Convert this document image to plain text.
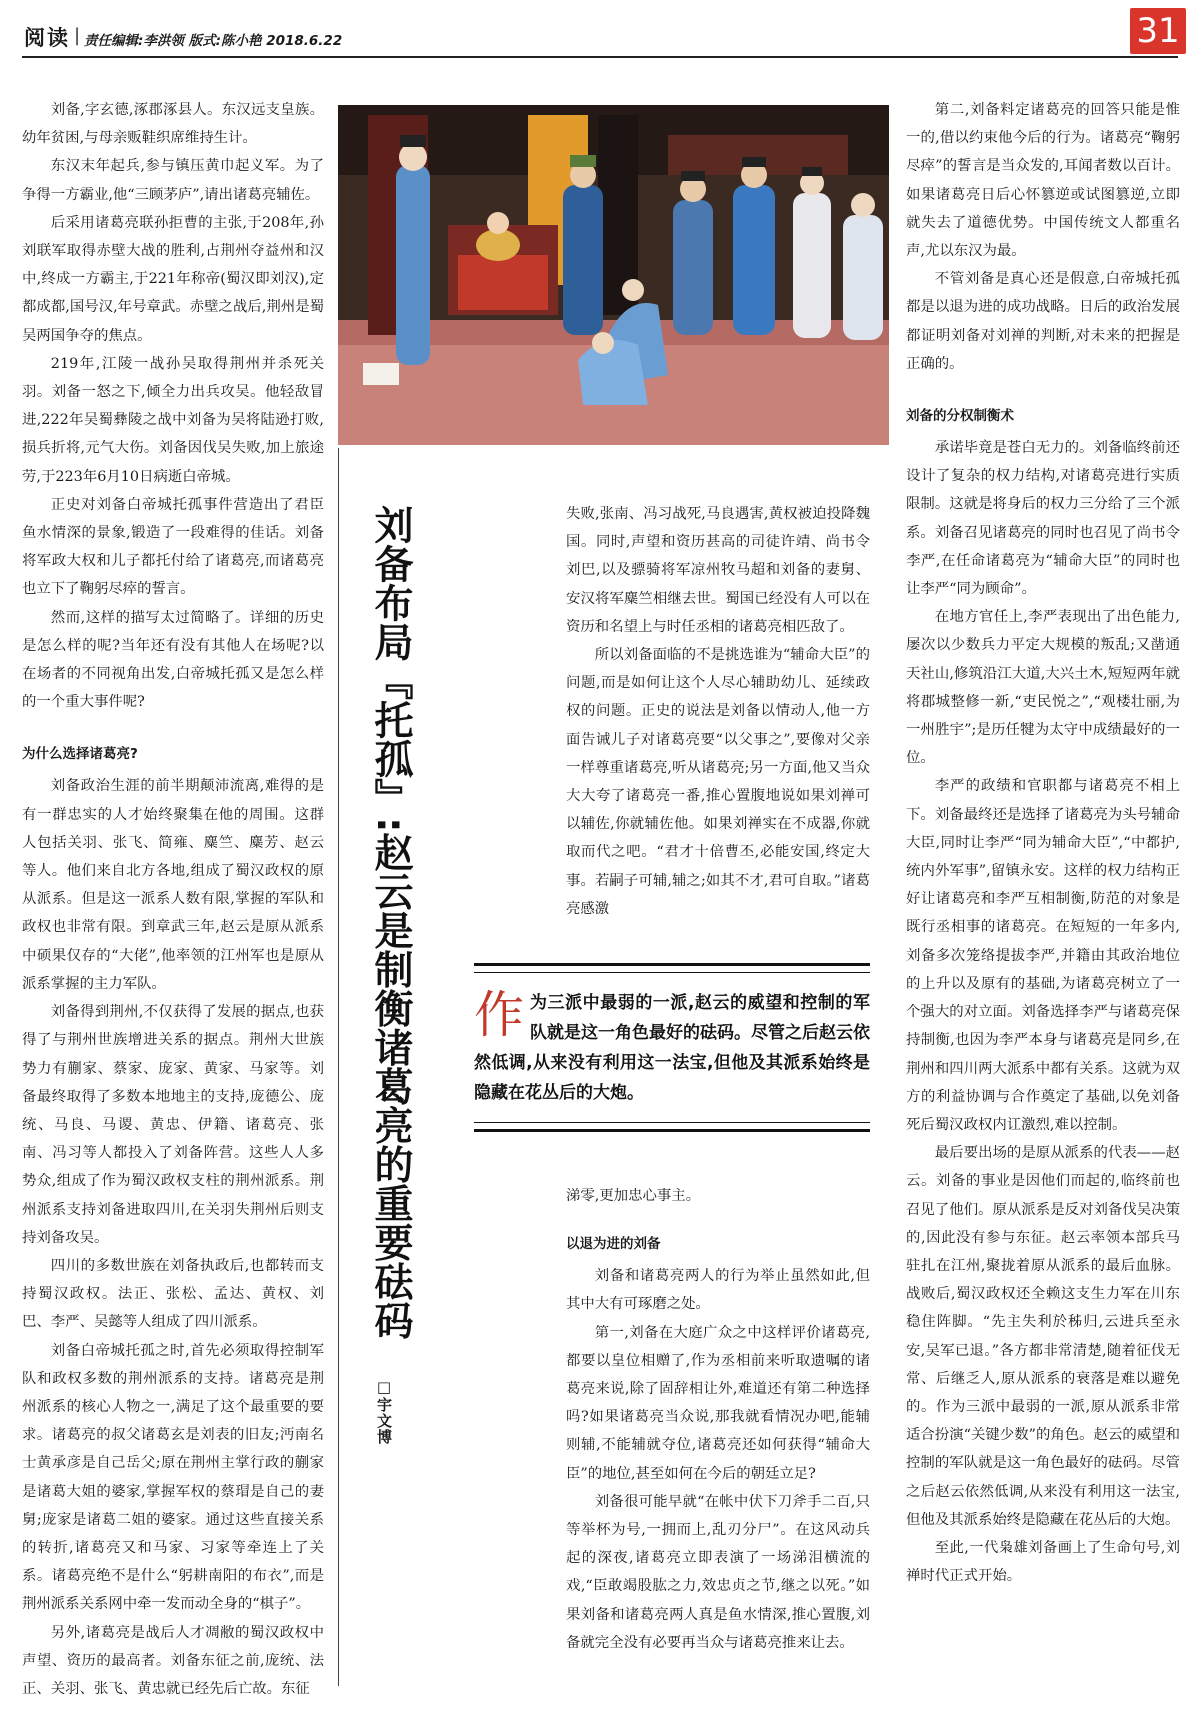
阅读 | 责任编辑:李洪领 版式:陈小艳 2018.6.22	31

刘备,字玄德,涿郡涿县人。东汉远支皇族。幼年贫困,与母亲贩鞋织席维持生计。

东汉末年起兵,参与镇压黄巾起义军。为了争得一方霸业,他“三顾茅庐”,请出诸葛亮辅佐。

后采用诸葛亮联孙拒曹的主张,于208年,孙刘联军取得赤壁大战的胜利,占荆州夺益州和汉中,终成一方霸主,于221年称帝(蜀汉即刘汉),定都成都,国号汉,年号章武。赤壁之战后,荆州是蜀吴两国争夺的焦点。

219年,江陵一战孙吴取得荆州并杀死关羽。刘备一怒之下,倾全力出兵攻吴。他轻敌冒进,222年吴蜀彝陵之战中刘备为吴将陆逊打败,损兵折将,元气大伤。刘备因伐吴失败,加上旅途劳,于223年6月10日病逝白帝城。

正史对刘备白帝城托孤事件营造出了君臣鱼水情深的景象,锻造了一段难得的佳话。刘备将军政大权和儿子都托付给了诸葛亮,而诸葛亮也立下了鞠躬尽瘁的誓言。

然而,这样的描写太过简略了。详细的历史是怎么样的呢?当年还有没有其他人在场呢?以在场者的不同视角出发,白帝城托孤又是怎么样的一个重大事件呢?

为什么选择诸葛亮?

刘备政治生涯的前半期颠沛流离,难得的是有一群忠实的人才始终聚集在他的周围。这群人包括关羽、张飞、简雍、麋竺、麋芳、赵云等人。他们来自北方各地,组成了蜀汉政权的原从派系。但是这一派系人数有限,掌握的军队和政权也非常有限。到章武三年,赵云是原从派系中硕果仅存的“大佬”,他率领的江州军也是原从派系掌握的主力军队。

刘备得到荆州,不仅获得了发展的据点,也获得了与荆州世族增进关系的据点。荆州大世族势力有蒯家、蔡家、庞家、黄家、马家等。刘备最终取得了多数本地地主的支持,庞德公、庞统、马良、马谡、黄忠、伊籍、诸葛亮、张南、冯习等人都投入了刘备阵营。这些人人多势众,组成了作为蜀汉政权支柱的荆州派系。荆州派系支持刘备进取四川,在关羽失荆州后则支持刘备攻吴。

四川的多数世族在刘备执政后,也都转而支持蜀汉政权。法正、张松、孟达、黄权、刘巴、李严、吴懿等人组成了四川派系。

刘备白帝城托孤之时,首先必须取得控制军队和政权多数的荆州派系的支持。诸葛亮是荆州派系的核心人物之一,满足了这个最重要的要求。诸葛亮的叔父诸葛玄是刘表的旧友;沔南名士黄承彦是自己岳父;原在荆州主掌行政的蒯家是诸葛大姐的婆家,掌握军权的蔡瑁是自己的妻舅;庞家是诸葛二姐的婆家。通过这些直接关系的转折,诸葛亮又和马家、习家等牵连上了关系。诸葛亮绝不是什么“躬耕南阳的布衣”,而是荆州派系关系网中牵一发而动全身的“棋子”。

另外,诸葛亮是战后人才凋敝的蜀汉政权中声望、资历的最高者。刘备东征之前,庞统、法正、关羽、张飞、黄忠就已经先后亡故。东征

刘备布局『托孤』:赵云是制衡诸葛亮的重要砝码
□宇文博

失败,张南、冯习战死,马良遇害,黄权被迫投降魏国。同时,声望和资历甚高的司徒许靖、尚书令刘巴,以及骠骑将军凉州牧马超和刘备的妻舅、安汉将军麋竺相继去世。蜀国已经没有人可以在资历和名望上与时任丞相的诸葛亮相匹敌了。

所以刘备面临的不是挑选谁为“辅命大臣”的问题,而是如何让这个人尽心辅助幼儿、延续政权的问题。正史的说法是刘备以情动人,他一方面告诫儿子对诸葛亮要“以父事之”,要像对父亲一样尊重诸葛亮,听从诸葛亮;另一方面,他又当众大大夸了诸葛亮一番,推心置腹地说如果刘禅可以辅佐,你就辅佐他。如果刘禅实在不成器,你就取而代之吧。“君才十倍曹丕,必能安国,终定大事。若嗣子可辅,辅之;如其不才,君可自取。”诸葛亮感激

作为三派中最弱的一派,赵云的威望和控制的军队就是这一角色最好的砝码。尽管之后赵云依然低调,从来没有利用这一法宝,但他及其派系始终是隐藏在花丛后的大炮。

涕零,更加忠心事主。

以退为进的刘备

刘备和诸葛亮两人的行为举止虽然如此,但其中大有可琢磨之处。

第一,刘备在大庭广众之中这样评价诸葛亮,都要以皇位相赠了,作为丞相前来听取遗嘱的诸葛亮来说,除了固辞相让外,难道还有第二种选择吗?如果诸葛亮当众说,那我就看情况办吧,能辅则辅,不能辅就夺位,诸葛亮还如何获得“辅命大臣”的地位,甚至如何在今后的朝廷立足?

刘备很可能早就“在帐中伏下刀斧手二百,只等举杯为号,一拥而上,乱刃分尸”。在这风动兵起的深夜,诸葛亮立即表演了一场涕泪横流的戏,“臣敢竭股肱之力,效忠贞之节,继之以死。”如果刘备和诸葛亮两人真是鱼水情深,推心置腹,刘备就完全没有必要再当众与诸葛亮推来让去。

第二,刘备料定诸葛亮的回答只能是惟一的,借以约束他今后的行为。诸葛亮“鞠躬尽瘁”的誓言是当众发的,耳闻者数以百计。如果诸葛亮日后心怀篡逆或试图篡逆,立即就失去了道德优势。中国传统文人都重名声,尤以东汉为最。

不管刘备是真心还是假意,白帝城托孤都是以退为进的成功战略。日后的政治发展都证明刘备对刘禅的判断,对未来的把握是正确的。

刘备的分权制衡术

承诺毕竟是苍白无力的。刘备临终前还设计了复杂的权力结构,对诸葛亮进行实质限制。这就是将身后的权力三分给了三个派系。刘备召见诸葛亮的同时也召见了尚书令李严,在任命诸葛亮为“辅命大臣”的同时也让李严“同为顾命”。

在地方官任上,李严表现出了出色能力,屡次以少数兵力平定大规模的叛乱;又凿通天社山,修筑沿江大道,大兴土木,短短两年就将郡城整修一新,“吏民悦之”,“观楼壮丽,为一州胜宇”;是历任犍为太守中成绩最好的一位。

李严的政绩和官职都与诸葛亮不相上下。刘备最终还是选择了诸葛亮为头号辅命大臣,同时让李严“同为辅命大臣”,“中都护,统内外军事”,留镇永安。这样的权力结构正好让诸葛亮和李严互相制衡,防范的对象是既行丞相事的诸葛亮。在短短的一年多内,刘备多次笼络提拔李严,并籍由其政治地位的上升以及原有的基础,为诸葛亮树立了一个强大的对立面。刘备选择李严与诸葛亮保持制衡,也因为李严本身与诸葛亮是同乡,在荆州和四川两大派系中都有关系。这就为双方的利益协调与合作奠定了基础,以免刘备死后蜀汉政权内讧激烈,难以控制。

最后要出场的是原从派系的代表——赵云。刘备的事业是因他们而起的,临终前也召见了他们。原从派系是反对刘备伐吴决策的,因此没有参与东征。赵云率领本部兵马驻扎在江州,聚拢着原从派系的最后血脉。战败后,蜀汉政权还全赖这支生力军在川东稳住阵脚。“先主失利於秭归,云进兵至永安,吴军已退。”各方都非常清楚,随着征伐无常、后继乏人,原从派系的衰落是难以避免的。作为三派中最弱的一派,原从派系非常适合扮演“关键少数”的角色。赵云的威望和控制的军队就是这一角色最好的砝码。尽管之后赵云依然低调,从来没有利用这一法宝,但他及其派系始终是隐藏在花丛后的大炮。

至此,一代枭雄刘备画上了生命句号,刘禅时代正式开始。
